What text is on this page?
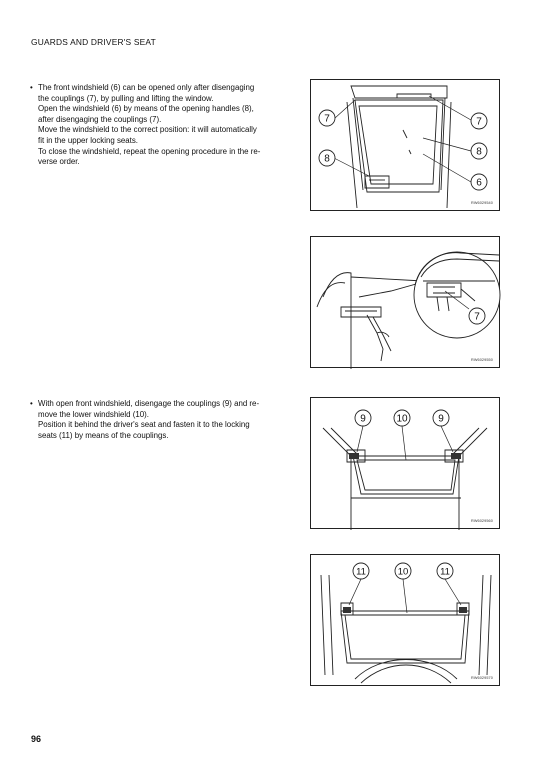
GUARDS AND DRIVER'S SEAT
• The front windshield (6) can be opened only after disengaging
the couplings (7), by pulling and lifting the window.
Open the windshield (6) by means of the opening handles (8),
after disengaging the couplings (7).
Move the windshield to the correct position: it will automatically
fit in the upper locking seats.
To close the windshield, repeat the opening procedure in the re-
verse order.
• With open front windshield, disengage the couplings (9) and re-
move the lower windshield (10).
Position it behind the driver's seat and fasten it to the locking
seats (11) by means of the couplings.
7	7
8
8
6
RW6029540
7
RW6029550
9	10	9
RW6029560
11	10	11
RW6029570
96
